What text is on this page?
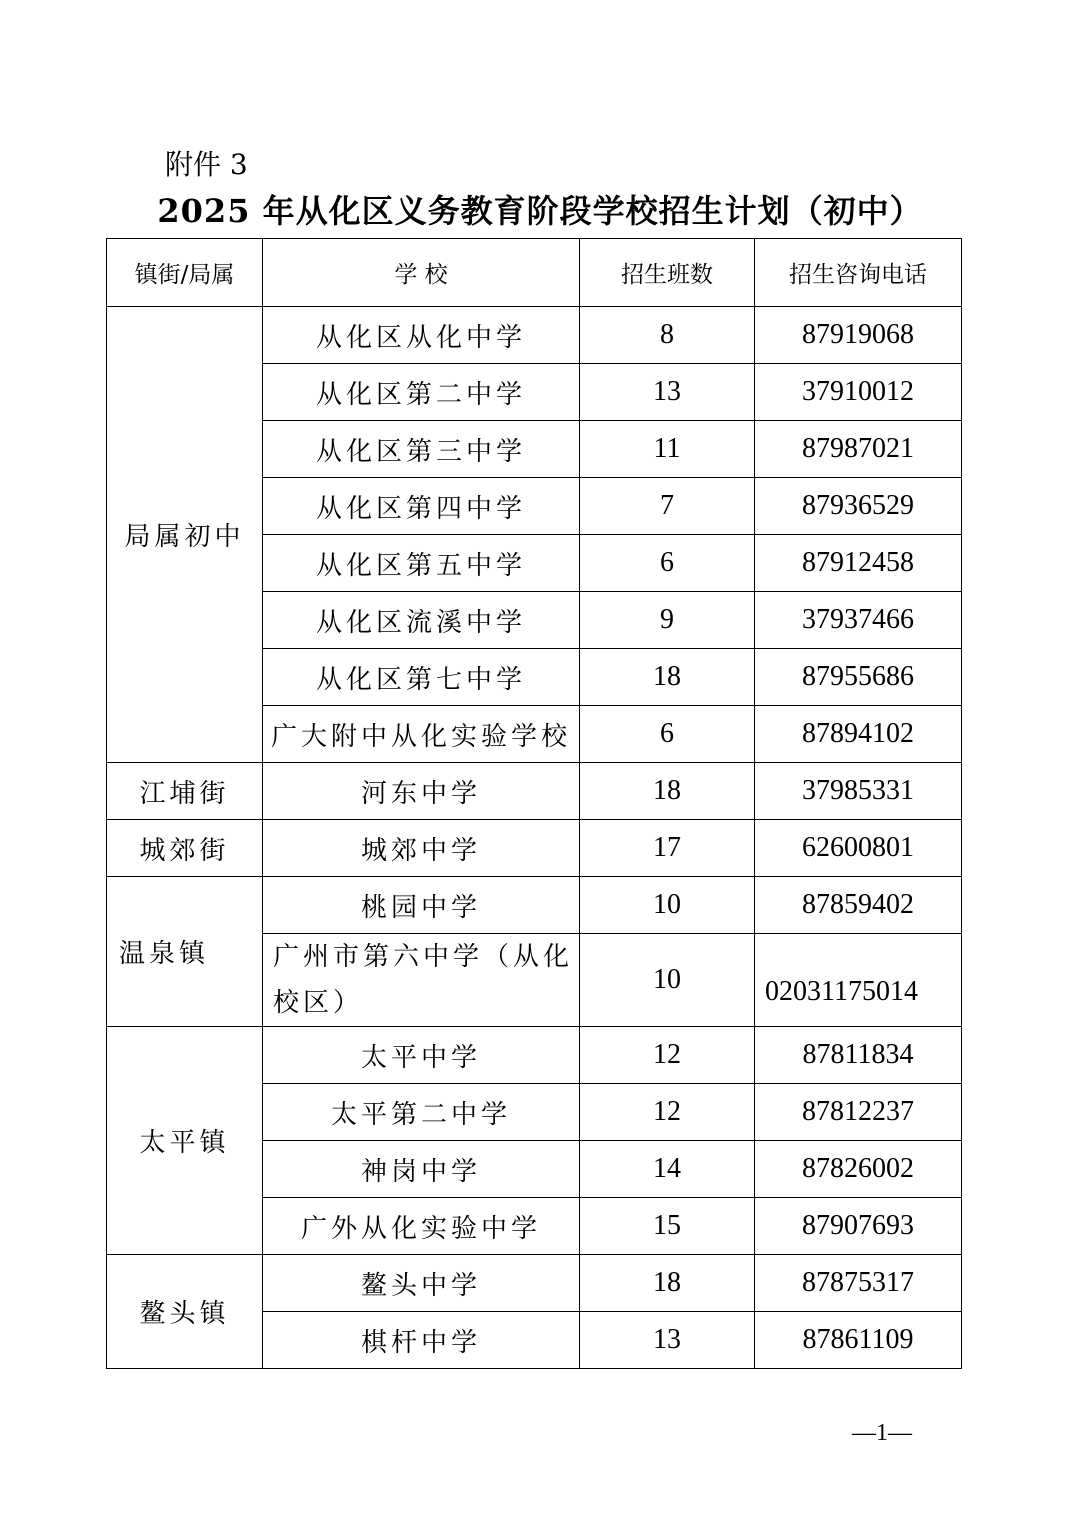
附件 3
2025 年从化区义务教育阶段学校招生计划（初中）
镇街/局属	学 校	招生班数	招生咨询电话
局属初中	从化区从化中学	8	87919068
	从化区第二中学	13	37910012
	从化区第三中学	11	87987021
	从化区第四中学	7	87936529
	从化区第五中学	6	87912458
	从化区流溪中学	9	37937466
	从化区第七中学	18	87955686
	广大附中从化实验学校	6	87894102
江埔街	河东中学	18	37985331
城郊街	城郊中学	17	62600801
温泉镇	桃园中学	10	87859402
	广州市第六中学（从化校区）	10	02031175014
太平镇	太平中学	12	87811834
	太平第二中学	12	87812237
	神岗中学	14	87826002
	广外从化实验中学	15	87907693
鳌头镇	鳌头中学	18	87875317
	棋杆中学	13	87861109
—1—
